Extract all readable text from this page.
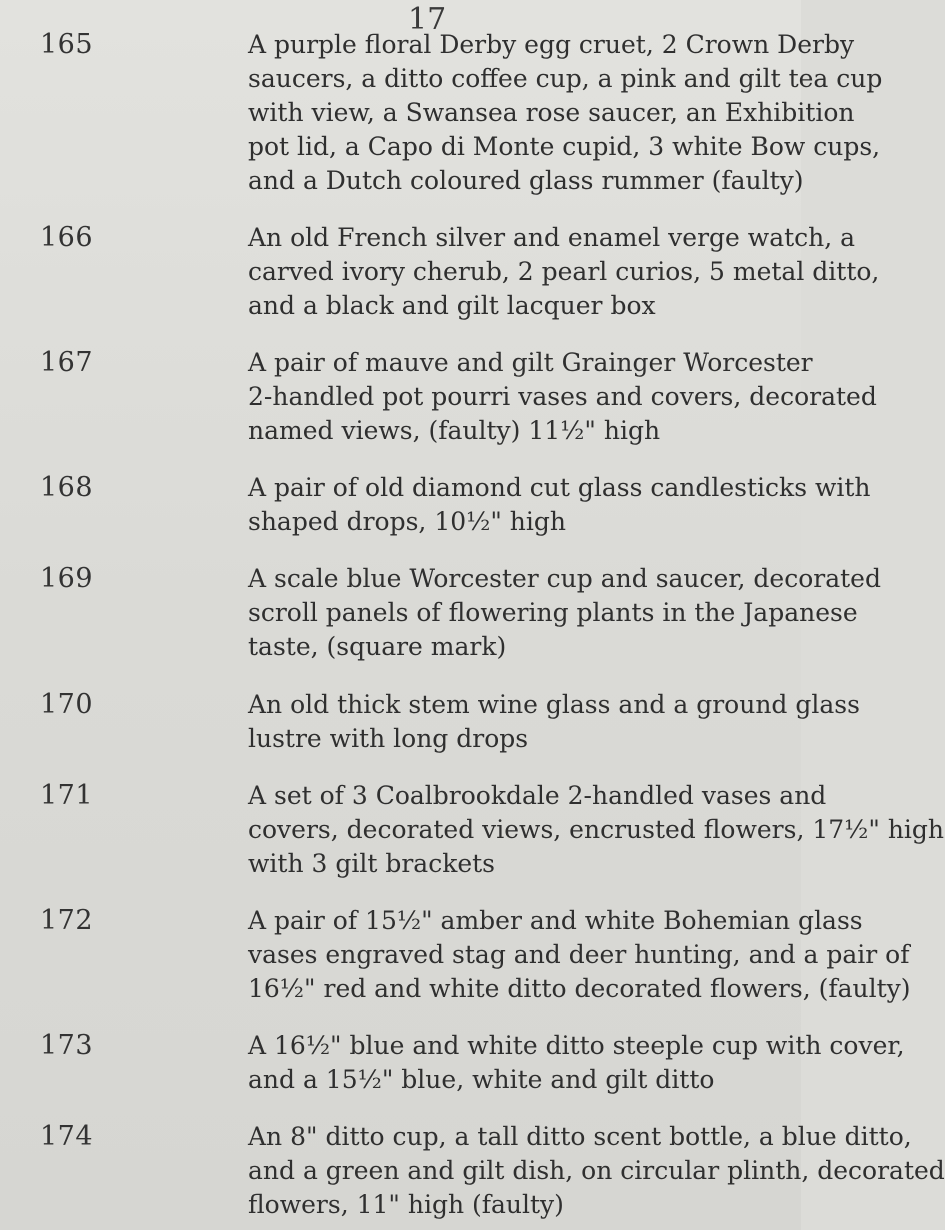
17
165	A purple floral Derby egg cruet, 2 Crown Derby
saucers, a ditto coffee cup, a pink and gilt tea cup
with view, a Swansea rose saucer, an Exhibition
pot lid, a Capo di Monte cupid, 3 white Bow cups,
and a Dutch coloured glass rummer (faulty)
166	An old French silver and enamel verge watch, a
carved ivory cherub, 2 pearl curios, 5 metal ditto,
and a black and gilt lacquer box
167	A pair of mauve and gilt Grainger Worcester
2-handled pot pourri vases and covers, decorated
named views, (faulty) 11½" high
168	A pair of old diamond cut glass candlesticks with
shaped drops, 10½" high
169	A scale blue Worcester cup and saucer, decorated
scroll panels of flowering plants in the Japanese
taste, (square mark)
170	An old thick stem wine glass and a ground glass
lustre with long drops
171	A set of 3 Coalbrookdale 2-handled vases and
covers, decorated views, encrusted flowers, 17½" high
with 3 gilt brackets
172	A pair of 15½" amber and white Bohemian glass
vases engraved stag and deer hunting, and a pair of
16½" red and white ditto decorated flowers, (faulty)
173	A 16½" blue and white ditto steeple cup with cover,
and a 15½" blue, white and gilt ditto
174	An 8" ditto cup, a tall ditto scent bottle, a blue ditto,
and a green and gilt dish, on circular plinth, decorated
flowers, 11" high (faulty)
